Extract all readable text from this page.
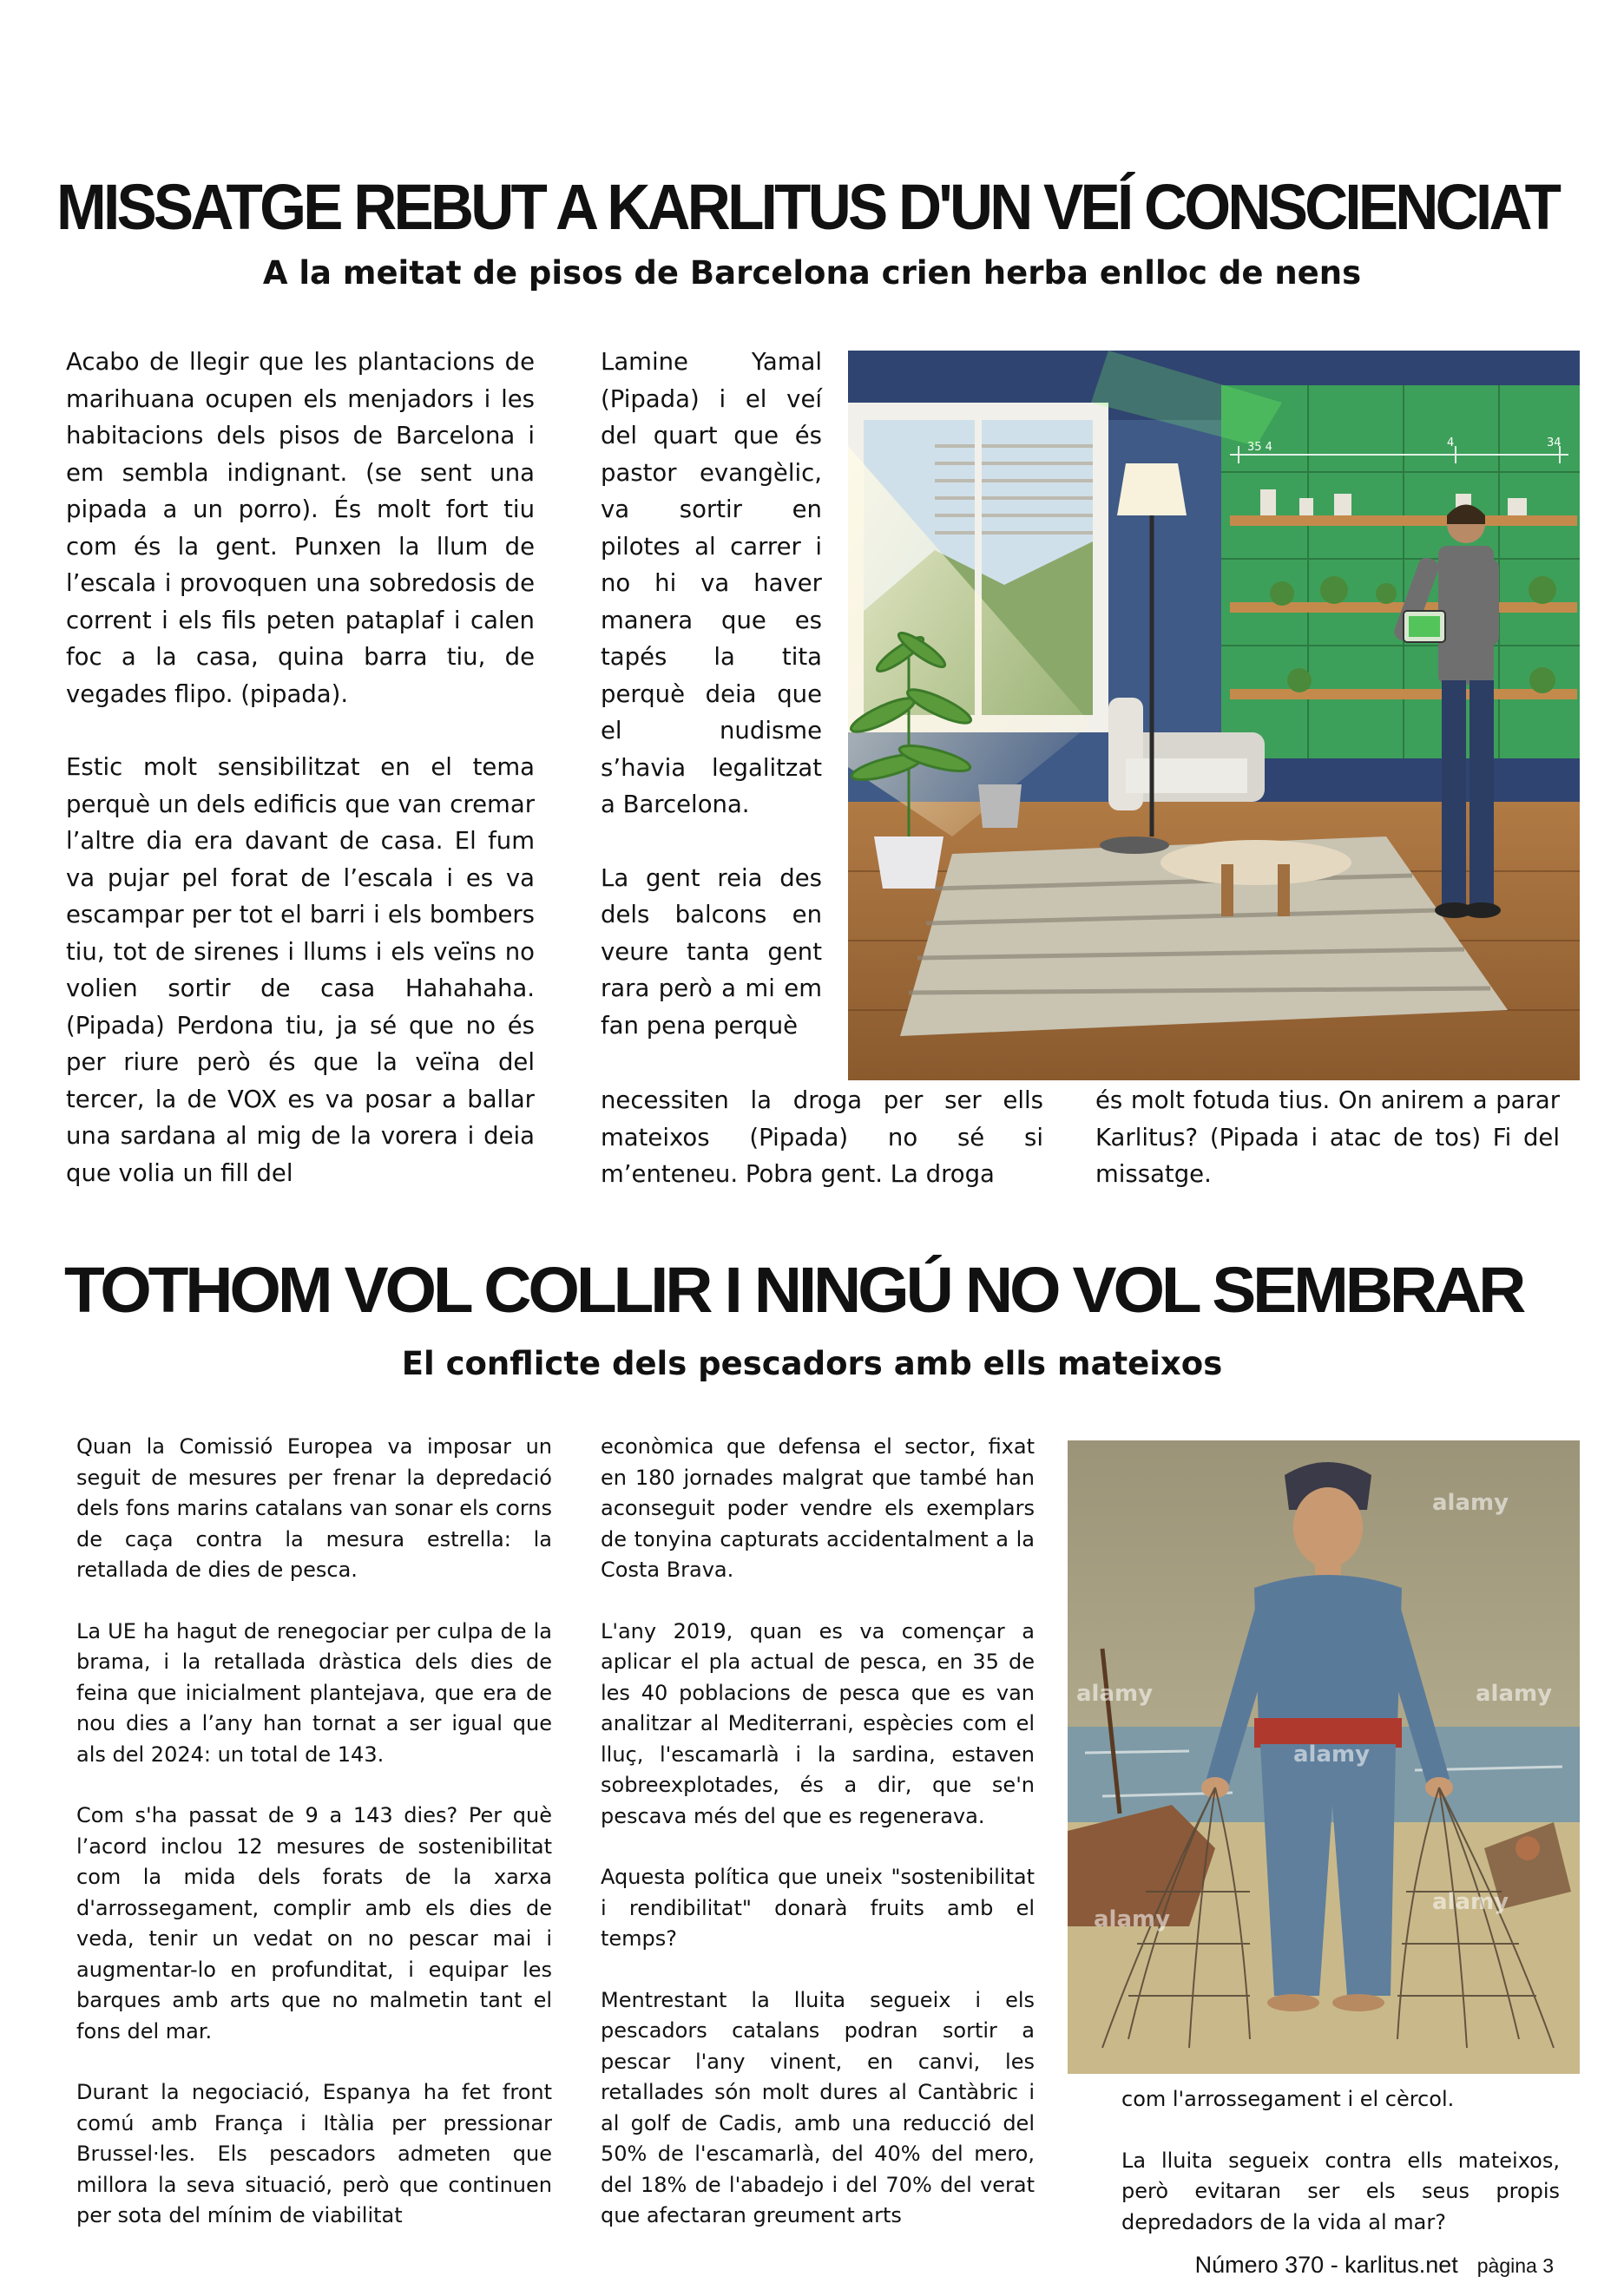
MISSATGE REBUT A KARLITUS D'UN VEÍ CONSCIENCIAT
A la meitat de pisos de Barcelona crien herba enlloc de nens

Acabo de llegir que les plantacions de marihuana ocupen els menjadors i les habitacions dels pisos de Barcelona i em sembla indignant. (se sent una pipada a un porro). És molt fort tiu com és la gent. Punxen la llum de l’escala i provoquen una sobredosis de corrent i els fils peten pataplaf i calen foc a la casa, quina barra tiu, de vegades flipo. (pipada).

Estic molt sensibilitzat en el tema perquè un dels edificis que van cremar l’altre dia era davant de casa. El fum va pujar pel forat de l’escala i es va escampar per tot el barri i els bombers tiu, tot de sirenes i llums i els veïns no volien sortir de casa Hahahaha. (Pipada) Perdona tiu, ja sé que no és per riure però és que la veïna del tercer, la de VOX es va posar a ballar una sardana al mig de la vorera i deia que volia un fill del

Lamine Yamal (Pipada) i el veí del quart que és pastor evangèlic, va sortir en pilotes al carrer i no hi va haver manera que es tapés la tita perquè deia que el nudisme s’havia legalitzat a Barcelona.

La gent reia des dels balcons en veure tanta gent rara però a mi em fan pena perquè

necessiten la droga per ser ells mateixos (Pipada) no sé si m’enteneu. Pobra gent. La droga
és molt fotuda tius. On anirem a parar Karlitus? (Pipada i atac de tos) Fi del missatge.
35 4	4	34
TOTHOM VOL COLLIR I NINGÚ NO VOL SEMBRAR
El conflicte dels pescadors amb ells mateixos

Quan la Comissió Europea va imposar un seguit de mesures per frenar la depredació dels fons marins catalans van sonar els corns de caça contra la mesura estrella: la retallada de dies de pesca.

La UE ha hagut de renegociar per culpa de la brama, i la retallada dràstica dels dies de feina que inicialment plantejava, que era de nou dies a l’any han tornat a ser igual que als del 2024: un total de 143.

Com s'ha passat de 9 a 143 dies? Per què l’acord inclou 12 mesures de sostenibilitat com la mida dels forats de la xarxa d'arrossegament, complir amb els dies de veda, tenir un vedat on no pescar mai i augmentar-lo en profunditat, i equipar les barques amb arts que no malmetin tant el fons del mar.

Durant la negociació, Espanya ha fet front comú amb França i Itàlia per pressionar Brussel·les. Els pescadors admeten que millora la seva situació, però que continuen per sota del mínim de viabilitat

econòmica que defensa el sector, fixat en 180 jornades malgrat que també han aconseguit poder vendre els exemplars de tonyina capturats accidentalment a la Costa Brava.

L'any 2019, quan es va començar a aplicar el pla actual de pesca, en 35 de les 40 poblacions de pesca que es van analitzar al Mediterrani, espècies com el lluç, l'escamarlà i la sardina, estaven sobreexplotades, és a dir, que se'n pescava més del que es regenerava.

Aquesta política que uneix "sostenibilitat i rendibilitat" donarà fruits amb el temps?

Mentrestant la lluita segueix i els pescadors catalans podran sortir a pescar l'any vinent, en canvi, les retallades són molt dures al Cantàbric i al golf de Cadis, amb una reducció del 50% de l'escamarlà, del 40% del mero, del 18% de l'abadejo i del 70% del verat que afectaran greument arts

com l'arrossegament i el cèrcol.

La lluita segueix contra ells mateixos, però evitaran ser els seus propis depredadors de la vida al mar?

alamy
alamy	alamy
alamy
alamy
alamy
Número 370 - karlitus.net pàgina 3
